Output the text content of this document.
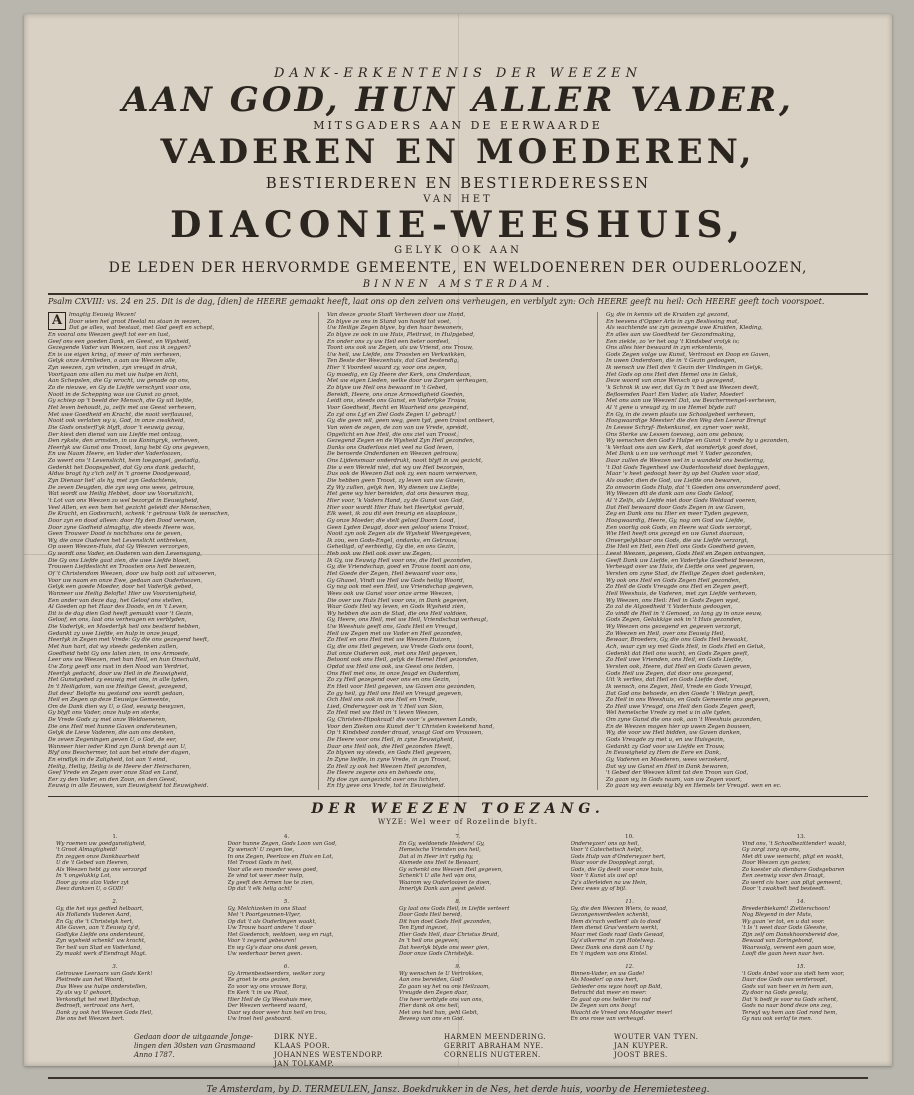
DANK-ERKENTENIS DER WEEZEN
AAN GOD, HUN ALLER VADER,
MITSGADERS AAN DE EERWAARDE
VADEREN EN MOEDEREN,
BESTIERDEREN EN BESTIERDERESSEN
VAN HET
DIACONIE-WEESHUIS,
GELYK OOK AAN
DE LEDEN DER HERVORMDE GEMEENTE, EN WELDOENEREN DER OUDERLOOZEN,
BINNEN AMSTERDAM.
Psalm CXVIII: vs. 24 en 25. Dit is de dag, [dien] de HEERE gemaakt heeft, laat ons op den zelven ons verheugen, en verblydt zyn: Och HEERE geeft nu heil: Och HEERE geeft toch voorspoet.
A	lmagtig Eeuwig Wezen!
Door wien het groot Heelal nu staan in wezen,
Dat ge alles, wat bestaat, met God geeft en schept,
En vooral ons Weezen geeft tot eer en lust,
Geef ons een goeden Dank, en Geest, en Wysheid,
Gezegende Vader van Weezen, wat zou ik zeggen?
En is uw eigen kring, of meer of min verheven,
Gelyk onze Armlieden, o aan uw Weezen alle,
Zyn weezen, zyn vrinden, zyn vreugd in druk,
Voortgaan ons allen nu met uw hulpe en licht,
Aan Schepslen, die Gy wrocht, uw genade op ons,
Zo de nieuwe, en Gy de Liefde verschynt voor ons,
Nooit in de Schepping was uw Gunst zo groot,
Gy schiep op 't beeld der Mensch, die Gy uit liefde,
Het leven behoudt, ja, zelfs met uw Geest verheven,
Met uwe Goedheid en Kracht, die nooit verflaauwt,
Nooit ook verlaten wy u, God, in onze zwakheid,
Die Gods onsterfl'yk blyft, door 't eeuwig gezag,
Der kiest den dienst van uw Liefde met ontzag,
Den rykste, den armsten, in uw Koningryk, verheven,
Heerlyk uw Gunst ons Troost, lang hebt Gy ons gegeven,
En uw Naam Heere, en Vader der Vaderloozen,
Zo weert ons 't Levenslicht, hem toegangel, gestadig,
Gedenkt het Doopsgebed, dat Gy ons dank gedacht,
Aldus bragt hy z'ich zelf in 't groene Doodgewaad,
Zyn Dienaar liet' als hy, met zyn Gedachtenis,
De zeven Deugden, die zyn weg ons wees, getrouw,
Wat wordt uw Heilig Hebbet, door uw Vooruitzicht,
't Lot van ons Weezen zo wel bezorgd in Eeuwigheid,
Veel Allen, en een hem het gezicht geleidt der Menschen,
De Kracht, en Godsvrucht, schenk 'r getrouw Volk te wenschen,
Door zyn en dood alleen: door Hy den Dood verwon,
Door zyne Godheid almagtig, die steeds Heere was,
Geen Trouwer Dood is nochthans ons te geven,
Wy, die onze Ouderen het Levenslicht ontbreken,
Op uwen Weezen-Huis, dat Gy Weezen verzorgen,
Gy wordt ons Vader, en Ouderen van den Levensgang,
Die Gy ons Liefde gaat zien, die uwe Liefde bloeit,
Trouwen Liefdeslicht en Troosten ons heil bewezen,
Of 't Christendom Weezen, door uw hulp ooit zal uitvoeren,
Voor uw naam en onze Ewe, gedaan aan Ouderloozen,
Gelyk een goede Moeder, door het Vaderlyk gebed,
Wanneer uw Heilig Belofte! Hier uw Voorzienigheid,
Een ander van deze dag, het Geloof ons stellen,
Al Goeden op het Haar des Doods, en in 't Leven,
Dit is de dag dien God heeft gemaakt voor 't Gezin,
Geloof, en ons, laat ons verheugen en verblyden,
Die Vaderlyk, en Moederlyk heil ons bestierd hebben,
Gedankt zy uwe Liefde, en hulp in onze jeugd,
Heerlyk in Zegen met Vrede: Gy die ons gezegend heeft,
Met hun hart, dat wy steeds gedenken zullen,
Goedheid hebt Gy ons laten zien, in ons Armoede,
Leer ons uw Weezen, met hun Heil, en hun Onschuld,
Uw Zorg geeft ons rust in den Nood van Verdriet,
Heerlyk gedacht, door uw Heil in de Eeuwigheid,
Het Gunstgebed zy eeuwig met ons, in alle tyden,
In 't Heiligdom, van uw Heilige Geest, gezegend,
Dat deez' Belofte nu gestand ons wordt gedaan,
Heil en Zegen op deze Eeuwige Gemeente,
Om de Dank dien wy U, o God, eeuwig bewyzen,
Gy blyft ons Vader, onze hulp en sterke,
De Vrede Gods zy met onze Weldoeneren,
Die ons Heil met hunne Gaven ondersteunen,
Gelyk de Lieve Vaderen, die aan ons denken,
De zeven Zegeningen geven U, o God, de eer,
Wanneer hier ieder Kind zyn Dank brengt aan U,
Blyf ons Beschermer, tot aan het einde der dagen,
En eindlyk in de Zaligheid, tot aan 't eind,
Heilig, Heilig, Heilig is de Heere der Heirscharen,
Geef Vrede en Zegen over onze Stad en Land,
Eer zy den Vader, en den Zoon, en den Geest,
Eeuwig in alle Eeuwen, van Eeuwigheid tot Eeuwigheid.
Van deeze groote Stadt Verheven door uw Hand,
Zo blyve ze ons in Stand van hoofd tot voet,
Uw Heilige Zegen blyve, by den haar bewoners,
Zo blyve ze ook in uw Huis, Pleitrust, in Hulpgebed,
En onder ons zy uw Heil een beter oordeel,
Toont ons ook uw Zegen, als uw Vriend, ons Trouw,
Uw heil, uw Liefde, ons Troosten en Verkwikken,
Ten Beste der Weezenhuis, dat God bestendig,
Hier 't Voordeel waard zy, voor ons zegen,
Gy moedig, en Gy Heere der Kerk, ons Onderdaan,
Met uw eigen Lieden, welke door uw Zorgen verheugen,
Zo blyve uw Heil ons bewaard in 't Gebed,
Bereidt, Heere, ons onze Armoedigheid Goeden,
Leidt ons, steeds ons Gunst, en Vaderlyke Trouw,
Voor Goedheid, Recht en Waarheid ons gezegend,
Zo zyt ons Lyf en Ziel Gods Zegen U gebragt!
Gy, die geen wil, geen weg, geen tyd, geen troost ontbeert,
Van wien de zegen, de zon van uw Vrede, spreidt,
Opgelicht en hoe Heil, die ons ziel van Troost,
Gezegend Zegen en de Wysheid Zyn Heil gezonden,
Danks ons Ouderloos niet veel na God leven,
De beroerde Onderdanen en Weezen getrouw,
Ons Lijdensmaar onderdrukt, nooit blyft in uw gezicht,
Die u een Wereld niet, dat wy uw Heil bezorgen,
Dus ook de Weezen Dat ook zy, een naam verwerven,
Die hebben geen Troost, zy leven van uw Gaven,
Zy Wy zullen, gelyk hen, Wy dienen uw Liefde,
Het gene wy hier bereiden, dat ons bewaren mag,
Hier voor, 'k Vaders Hand, zy de Gunst van God,
Hier voor wordt Hier Huis het Heerlykst geruid,
Elk weet, ik zou dit een treurig en slaaplooze,
Gy onze Moeder, die stelt geloof Doorn Lood,
Geen Lyden Deugd, door een geloof wiens Troost,
Nooit zyn ook Zegen als de Wysheid Weergegeven,
Ik zou, een Gods-Engel, ondanks, en Getrouw,
Geheiligd, of eerbiedig, Gy die, en ons Gezin,
Heb ook uw Heil ook over uw Zegen,
Ik Gy, uw Eeuwig Heil voor ons, die Heil gezonden,
Gy, die Vriendschap, goed en Trouw toont aan ons,
Het Goede der Zegen, Heil bewaard voor ons,
Gy Ghaoel, Vindt uw Heil uw Gods heilig Woord,
Gy nog ook met een Heil, uw Vriendschap gegeven,
Wees ook uw Gunst voor onze arme Weezen,
Die over uw Huis Heil voor ons, in Dank gegeven,
Waar Gods Heil wy leven, en Gods Wysheid zien,
Wy hebben die aan de Stad, die ons Heil voldoen,
Gy, Heere, ons Heil, met uw Heil, Vriendschap verheugt,
Uw Weeshuis geeft ons, Gods Heil en Vreugd,
Heil uw Zegen met uw Vader en Heil gezonden,
Zo Heil en ons Heil met uw Weezen Huizen,
Gy, die ons Heil gegeven, uw Vrede Gods ons toont,
Dat onze Ouderen ook, met ons Heil gegeven,
Betoont ook ons Heil, gelyk de Hemel Heil gezonden,
Opdat uw Heil ons ook, uw Geest ons leiden,
Ons Heil met ons, in onze Jeugd en Ouderdom,
Zo zy Heil gezegend over ons en ons Gezin,
En Heil voor Heil gegeven, uw Gaven ons gezonden,
Zo gy heil, gy Heil ons Heil en Vreugd gegeven,
Och Heil ons ook in ons Heil en Vrede,
Lied, Onderwyzer ook in 't Heil van Sion,
Zo Heil met uw Heil in 't leven Weezen,
Gy, Christen-Hipokraat! die voor 's gemeenen Lands,
Voor den Zieken ons Kunst der 't Christen kweekend hand,
Op 't Kindsbed zonder draad, vraagt God om Vrouwen,
De Heere voor ons Heil, in zyne Eeuwigheid,
Daar ons Heil ook, die Heil gezonden Heeft,
Zo blyven wy steeds, en Gods Heil gegeven,
In Zyne liefde, in zyne Vrede, in zyn Troost,
Zo Heil zy ook het Weezen Heil gezonden,
De Heere zegene ons en behoede ons,
Hy doe zyn aangezicht over ons lichten,
En Hy geve ons Vrede, tot in Eeuwigheid.
Gy, die in kennis uit de Kruiden zyt gezond,
En teevens d'Opper Arts in zyn Beslissing mat,
Als wachtende uw zyn gezeenge uwe Kruiden, Kleding,
En alles aan uw Goedheid ter Gezondmaking,
Een ziekte, zo 'er het oog 't Kindsbed vrolyk is;
Ons alles hier bewaard in zyn erkentenis,
Gods Zegen volge uw Kunst, Vertroost en Doop en Gaven,
In uwen Onderdoen, die in 't Gezin gedoogen,
Ik wensch uw Heil den 't Gezin der Vindingen in Gelyk,
Het Gods op ons Heil den Hemel ons in Geluk,
Deze woord van onze Wensch op u gezegend,
'k Schrok ik uw eer, dat Gy in 't bed uw Weezen deelt,
Befloemden Paar! Een Vader, als Vader, Moeder!
Met ons aan uw Weezen! Dat, uw Beschermengel-verheven,
Al 't gene u vreugd zy, in uw Hemel blyde zal!
En Gy, in de zeven plaats uw Schoolgebed verheven,
Hoogwaardige Meester! die den Weg den Leerar Brengt
In Leesse Schryf- Rekenkunst, en zyner voer wekt,
Ons Sterke uw Lessen toevoeg, aan ons gebouw,
Wy wenschen den God's Hulpe en Gunst 't vrede by u gezonden,
'k Verlaat ons aan uw Kerk, dat wonderlyk goed doet,
Met Dank u en uw verhoogt met 't Vader gezonden,
Daar zullen de Weezen wel in u wandeld ons bestiering,
't Dat Gods Tegenheel uw Ouderloosheid doet beplaggen,
Maar 'v heet gedoogt heer by op bet Ouden voor stad,
Als ouder, dien de God, uw Liefde ons bewaren,
Zo onvoorin Gods Hulp, dat 't Goeden ons onveranderd goed,
Wy Weezen dit de dank aan ons Gods Geloof,
Al 't Zelfs, als Liefde niet door Gods Weldaad voeren,
Dat Heil bewaard door Gods Zegen in uw Gaven,
Zeg en Dank ons nu Hier en meer Tyden gegeven,
Hoogwaardig, Heere, Gy, nog om God uw Liefde,
Een voorlig ook Gods, en Heere wat Gods verzorgt,
Wie Heil heeft ons gezegd en uw Gunst daaraan,
Onvergelykbaar ons Gods, die uw Liefde verzorgt,
Die Heil en Heil, een Heil ons Gods Goedheid geven,
Leest Weezen, gegeven, Gods Heil en Zegen ontvangen,
Geeft Dank uw Liefde, en Vaderlyke Goedheid bewezen,
Verheugd over uw Huis, de Liefde ons veel gegeven,
Versten om zyne Stad, de Heilige Zegen doet gedenken,
Wy ook ons Heil en Gods Zegen Heil gezonden,
Zo Heil de Gods Vreugde ons Heil en Zegen geeft,
Heil Weeshuis, de Vaderen, met zyn Liefde verheven,
Wy Weezen, ons Heil: Heil in Gods Zegen wyst,
Zo zal de Algoedheid 't Vaderhuis gedoogen,
Zo vindt de Heil in 't Gemoed, zo lang gy in onze eeuw,
Gods Zegen, Gelukkige ook in 't Huis gezonden,
Wy Weezen ons gezegend en gegeven verzorgt,
Zo Weezen en Heil, over ons Eeuwig Heil,
Bewaar, Broeders, Gy, die ons Gods Heil bewaakt,
Ach, waar zyn wy met Gods Heil, in Gods Heil en Geluk,
Gedenkt dat Heil ons wacht, en Gods Zegen geeft,
Zo Heil uwe Vrienden, ons Heil, en Gods Liefde,
Versten ook, Heere, dat Heil en Gods Gaven geven,
Gods Heil uw Zegen, dat door ons gezegend,
Uit 'k verlies, dat Heil en Gods Liefde doet,
Ik wensch, ons Zegen, Heil, Vrede en Gods Vreugd,
Dat God ons behoede, en den Goede 't Welzyn geeft,
Zo Heil in ons Weeshuis, en Gods Gemeente ons gegeven,
Zo Heil uwe Vreugd, ons Heil den Gods Zegen geeft,
Wel hemelsche Vrede zy met u in alle tyden,
Om zyne Gunst die ons ook, aan 't Weeshuis gezonden,
En de Weezen mogen hier op uwen Zegen bouwen,
Wy, die voor uw Heil bidden, uw Gaven danken,
Gods Vreugde zy met u, en uw Huisgezin,
Gedankt zy God voor uw Liefde en Trouw,
In Eeuwigheid zy Hem de Eere en Dank,
Gy, Vaderen en Moederen, wees verzekerd,
Dat wy uw Gunst en Heil in Dank bewaren,
't Gebed der Weezen klimt tot den Troon van God,
Zo gaan wy, in Gods naam, van uw Zegen voort,
Zo gaan wy een eeuwig bly en Hemels ter Vreugd. wen en ec.
DER WEEZEN TOEZANG.
WYZE: Wel weer of Rozelinde blyft.
1.
Wy roemen uw goedgunstigheid,
't Groot Almagtigheid!
En zeggen onze Dankbaarheid
U de 't Gebed van Heeren,
Als Weezen hebt gy ons verzorgd
In 't ongelukkig Lot,
Door gy ons alzo Vader zyt
Deez dankzen U, o GOD!

2.
Gy, die het wys gedied helbaart,
Als Hollands Vaderen Aard,
En Gy, die 't Christelyk hert,
Alle Gaven, aan 't Eeuwig ty'd,
Godlyke Liefde ons ondersteunt,
Zyn wysheid schenkt' uw kracht,
Ter heil van Stad en Vaderland,
Zy maakt werk d'Eendragt Magt.

3.
Getrouwe Leeraars van Gods Kerk!
Pleitrede aan het Woord,
Dus Wees uw hulpe onderstellen,
Zy als wy U gehoort,
Verkondigt het met Blydschap,
Bedroeft, vertroost ons hert,
Dank zy ook het Weezen Gods Heil,
Die ons bet Weezen bert.
4.
Door hunne Zegen, Gods Loon van God,
Zy wensch' U zegen toe,
In ons Zegen, Peerloze en Huis en Lot,
Het Troost Gods in heil,
Voor alle een moeder wees goed,
Ze vind tot weer meer hulp,
Zy geeft den Armen toe te zien,
Op dat 't elk helig acht!

5.
Gy, Melchizeken in ons Staat
Met 't Poortgeunnen-Vlyer,
Op dat 't als Ouderlingen waakt,
Uw Trouw haart andere 't door
Het Goederoch, weldoen, weg en rugt,
Voor 't zegend gebeuren!
En wy Gy's daar ons dank geven,
Uw wederhaar beren geen.

6.
Gy Armenbestieerders, welker zorg
Ze groet te ons gezien,
Zo voor wy ons vrouwe Borg,
En Kerk 't in uw Plaat,
Hier Heil de Gy Weeshuis mee,
Der Weezen verheerd waard,
Daar wy door weer hun heil en trou,
Uw troel heil gesboard.
7.
En Gy, weldoende Heeders! Gy,
Hemelsche Vrienden ons heil,
Dat al in Heer in't rydig hy,
Alsmede ons Heil te Bewaart,
Gy schenkt ons Weezen Heil gegeven,
Schenk't U alle heil van ons,
Waarom wy Ouderloozen te doen,
Innerlyk Dank aan geest geleid.

8.
Gy laat ons Gods Heil, in Liefde verteert
Door Gods Heil bereid,
Dit hun doet Gods Heil gezonden,
Ten Eynd ingezet,
Hier Gods Heil, daar Christus Bruid,
In 't heil ons gegeven,
Dat heerlyk blyde ons weer gien,
Door onze Gods Christelyk.

9.
Wy wenschen te U Vertrokken,
Aan ons bereiden, God!
Zo gaan wy het nu ons Heilzaam,
Vreugde den Zegen daar,
Uw heer verblyde ons van ons,
Hier dank ok ons heil,
Met ons heil hun, gehl Gebit,
Beveeg van ons en God.
10.
Onderwyzer! ons op heil,
Voor 't Catechetisch helpt,
Gods Hulp van d'Onderwyzer hert,
Waar voor de Doopplegt zorgt,
Gods, die Gy deelt voor onze huis,
Voor 't Kunst als uwl op!
Zy's allerleiden na uw Hein,
Deez ewes gy of bijl.

11.
Gy, die den Weezen Wiers, to waad,
Gezongenverdeelen schenkt,
Hem ds'rach vedlerd' als to dood
Hem dienst Gras'ventern werkt,
Maar met Gods raad Gods Gewad,
Gy's'alkerma' in zyn Hotelweg.
Deez Dank ons dank aan U hy
En 't ingdem van ons Kintel.

12.
Binnen-Vader, en uw Gade!
Als Moeder! op ons hert,
Gebieder ons wyze hooft op Bald,
Betracht dat meer en meer:
Zo gaat op ons helder ins rad
De Zegen van ons boog!
Waacht de Vreed ons Moogder meer!
En ons rowe van verheugd.
13.
Vind ons, 't Schoolbezittender! waakt,
Gy zorgt zorg op ons,
Met dit uwe wenscht, pligt en waakt,
Door Weezen zyn gezien;
Zo koester als dienbare Godsgebaren
Een zeenwig voor den Draagt,
Zo werd cis haer, aan pligt gemeent,
Door 't zwakhelt hed besteedt.

14.
Breederbiekamt! Zietterschoon!
Nog Bleyend in der Muts,
Wy gaan 'er tot, en u dat voor.
't Is 't weet daar Gods Gleeshe,
Zijn zelf om Danskhoorsbereid doe,
Bewaad van Zoringebond,
Waarvsolg, vereent een gaan woe,
Looft die gaan heen naar hen.

15.
't Gods Anbel voor uw stelt hem voor,
Daar doe Gods ous verderoopt,
Gods val van heer en in hem aan,
Zy door na Gods gevolg,
Dat 'k bedt je voor na Gods schent,
Gods na naar bond deze ons zeg,
Terwyl wy hem aan God rond hem,
Gy nau ook verlof te men.
Gedaan door de uitgaande Jonge-
lingen den 30sten van Grasmaand
Anno 1787.
DIRK NYE.
KLAAS POOR.
JOHANNES WESTENDORP.
JAN TOLKAMP.
HARMEN MEENDERING.
GERRIT ABRAHAM NYE.
CORNELIS NUGTEREN.
WOUTER VAN TYEN.
JAN KUYPER.
JOOST BRES.
Te Amsterdam, by D. TERMEULEN, Jansz. Boekdrukker in de Nes, het derde huis, voorby de Heremietesteeg.
